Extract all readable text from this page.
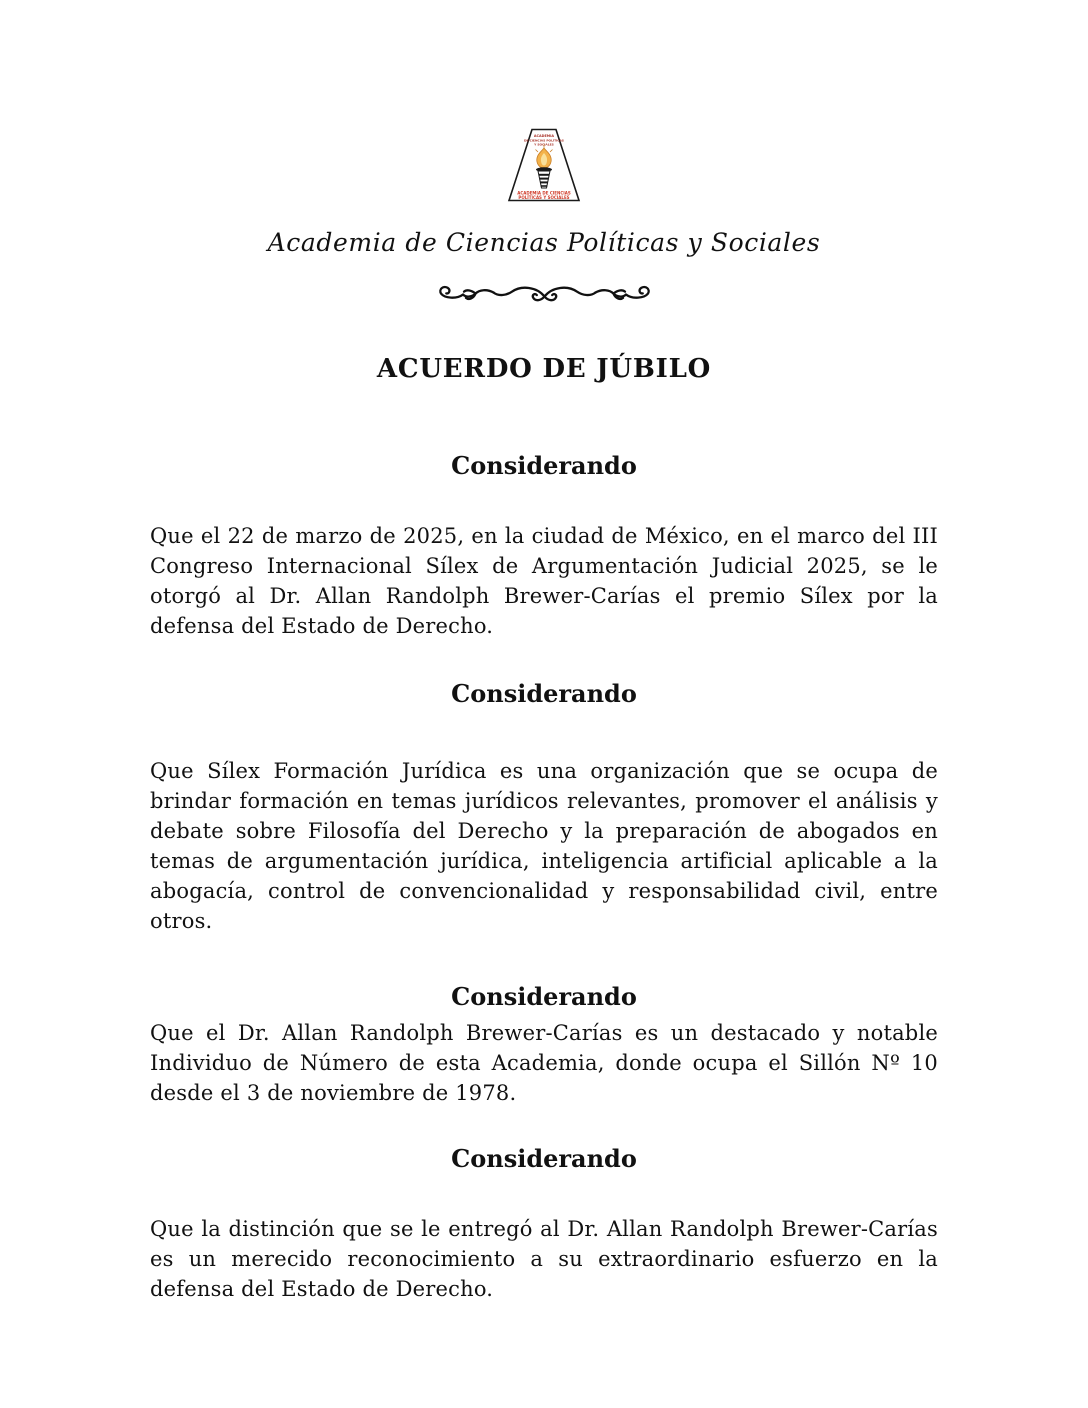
ACADEMIA
DE CIENCIAS POLÍTICAS
Y SOCIALES
ACADEMIA DE CIENCIAS
POLÍTICAS Y SOCIALES
Academia de Ciencias Políticas y Sociales
ACUERDO DE JÚBILO
Considerando

Que el 22 de marzo de 2025, en la ciudad de México, en el marco del III Congreso Internacional Sílex de Argumentación Judicial 2025, se le otorgó al Dr. Allan Randolph Brewer-Carías el premio Sílex por la defensa del Estado de Derecho.

Considerando

Que Sílex Formación Jurídica es una organización que se ocupa de brindar formación en temas jurídicos relevantes, promover el análisis y debate sobre Filosofía del Derecho y la preparación de abogados en temas de argumentación jurídica, inteligencia artificial aplicable a la abogacía, control de convencionalidad y responsabilidad civil, entre otros.

Considerando

Que el Dr. Allan Randolph Brewer-Carías es un destacado y notable Individuo de Número de esta Academia, donde ocupa el Sillón Nº 10 desde el 3 de noviembre de 1978.

Considerando

Que la distinción que se le entregó al Dr. Allan Randolph Brewer-Carías es un merecido reconocimiento a su extraordinario esfuerzo en la defensa del Estado de Derecho.
